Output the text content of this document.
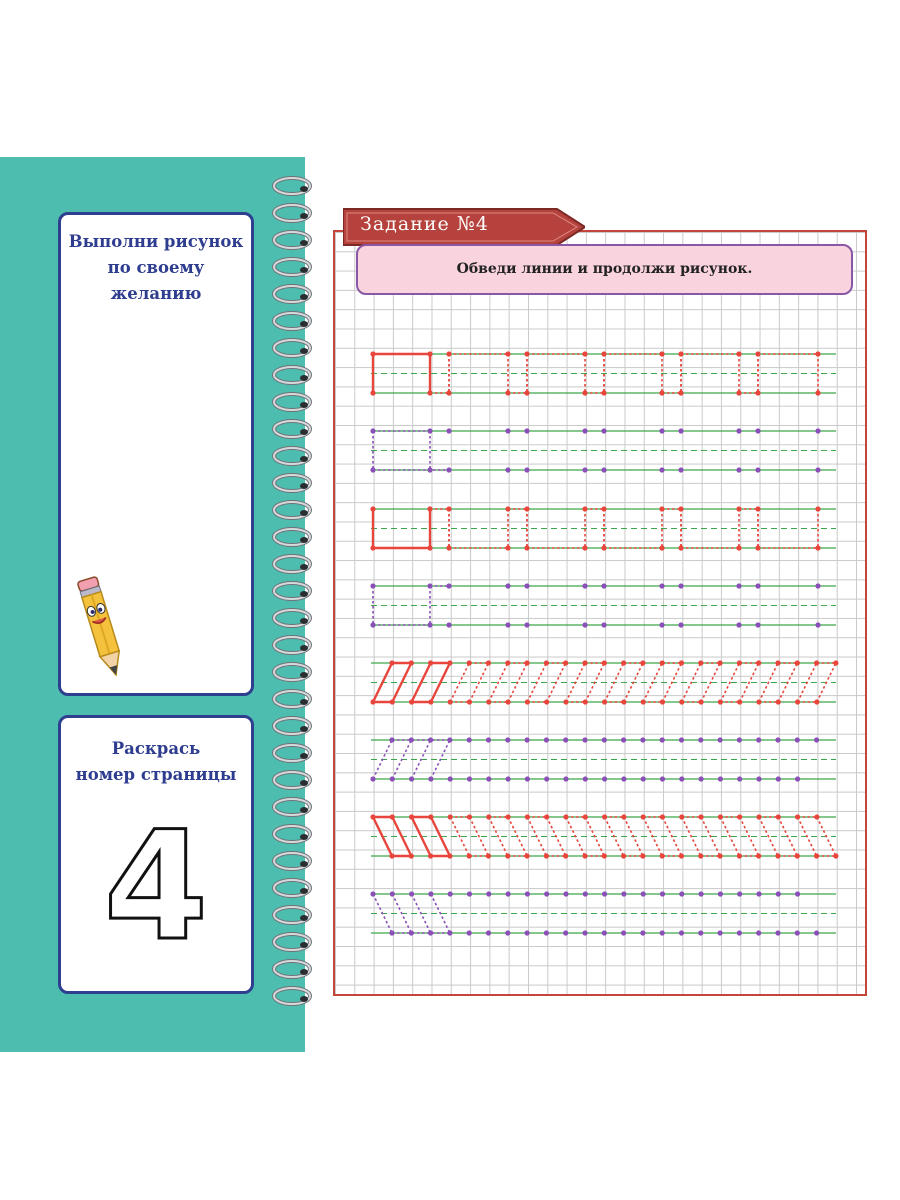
Выполни рисунок
по своему желанию
Раскрась
номер страницы
4
Задание №4
Обведи линии и продолжи рисунок.
